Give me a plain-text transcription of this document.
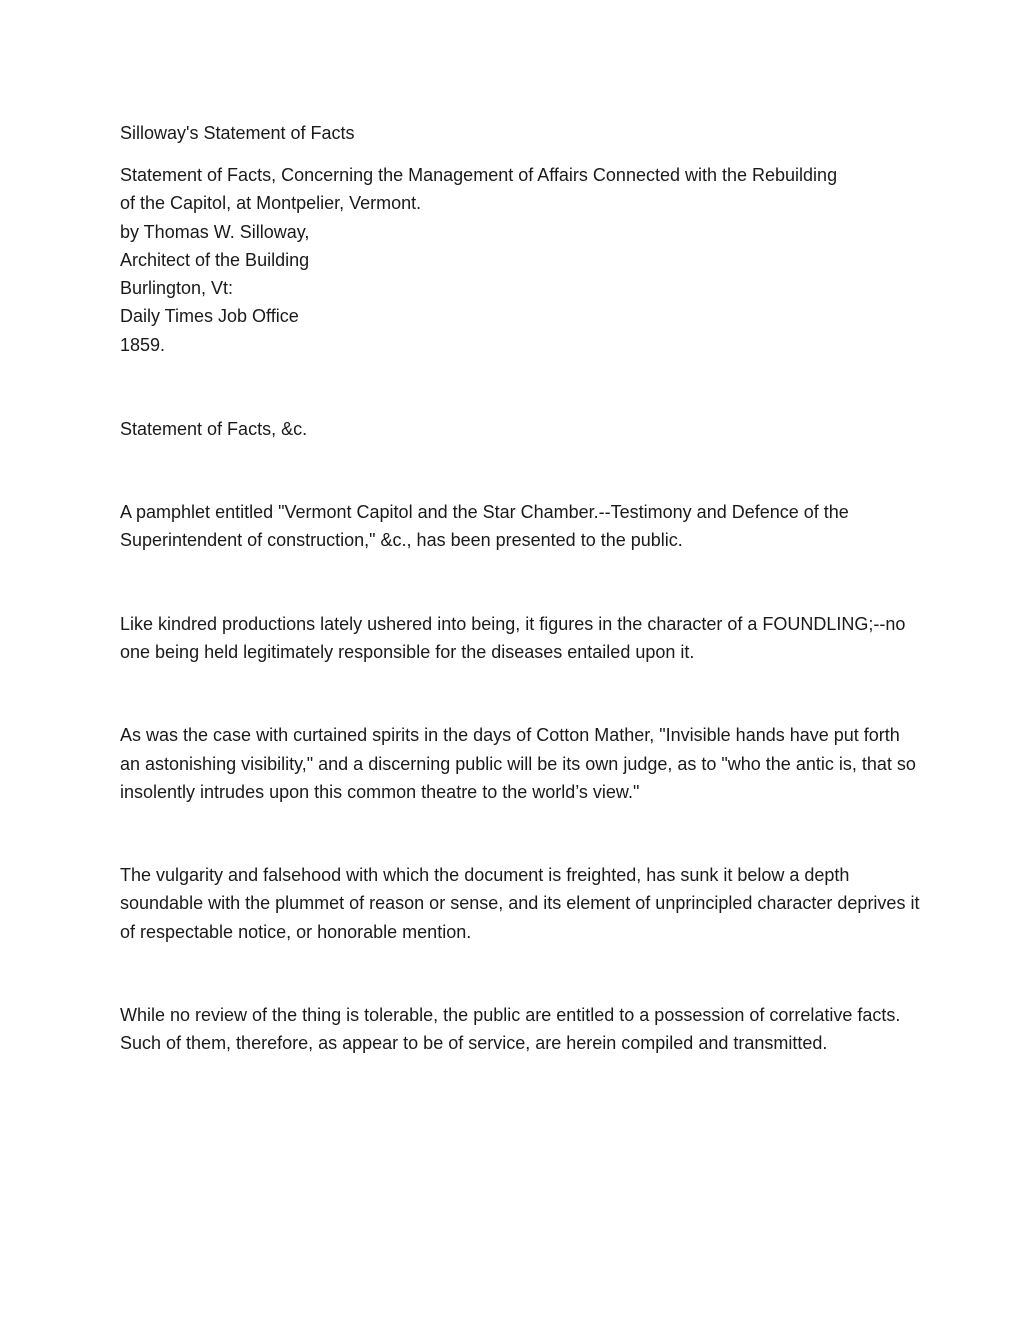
Silloway's Statement of Facts
Statement of Facts, Concerning the Management of Affairs Connected with the Rebuilding
of the Capitol, at Montpelier, Vermont.
by Thomas W. Silloway,
Architect of the Building
Burlington, Vt:
Daily Times Job Office
1859.
Statement of Facts, &c.

A pamphlet entitled "Vermont Capitol and the Star Chamber.--Testimony and Defence of the Superintendent of construction," &c., has been presented to the public.

Like kindred productions lately ushered into being, it figures in the character of a FOUNDLING;--no one being held legitimately responsible for the diseases entailed upon it.

As was the case with curtained spirits in the days of Cotton Mather, "Invisible hands have put forth an astonishing visibility," and a discerning public will be its own judge, as to "who the antic is, that so insolently intrudes upon this common theatre to the world’s view."

The vulgarity and falsehood with which the document is freighted, has sunk it below a depth soundable with the plummet of reason or sense, and its element of unprincipled character deprives it of respectable notice, or honorable mention.

While no review of the thing is tolerable, the public are entitled to a possession of correlative facts. Such of them, therefore, as appear to be of service, are herein compiled and transmitted.
